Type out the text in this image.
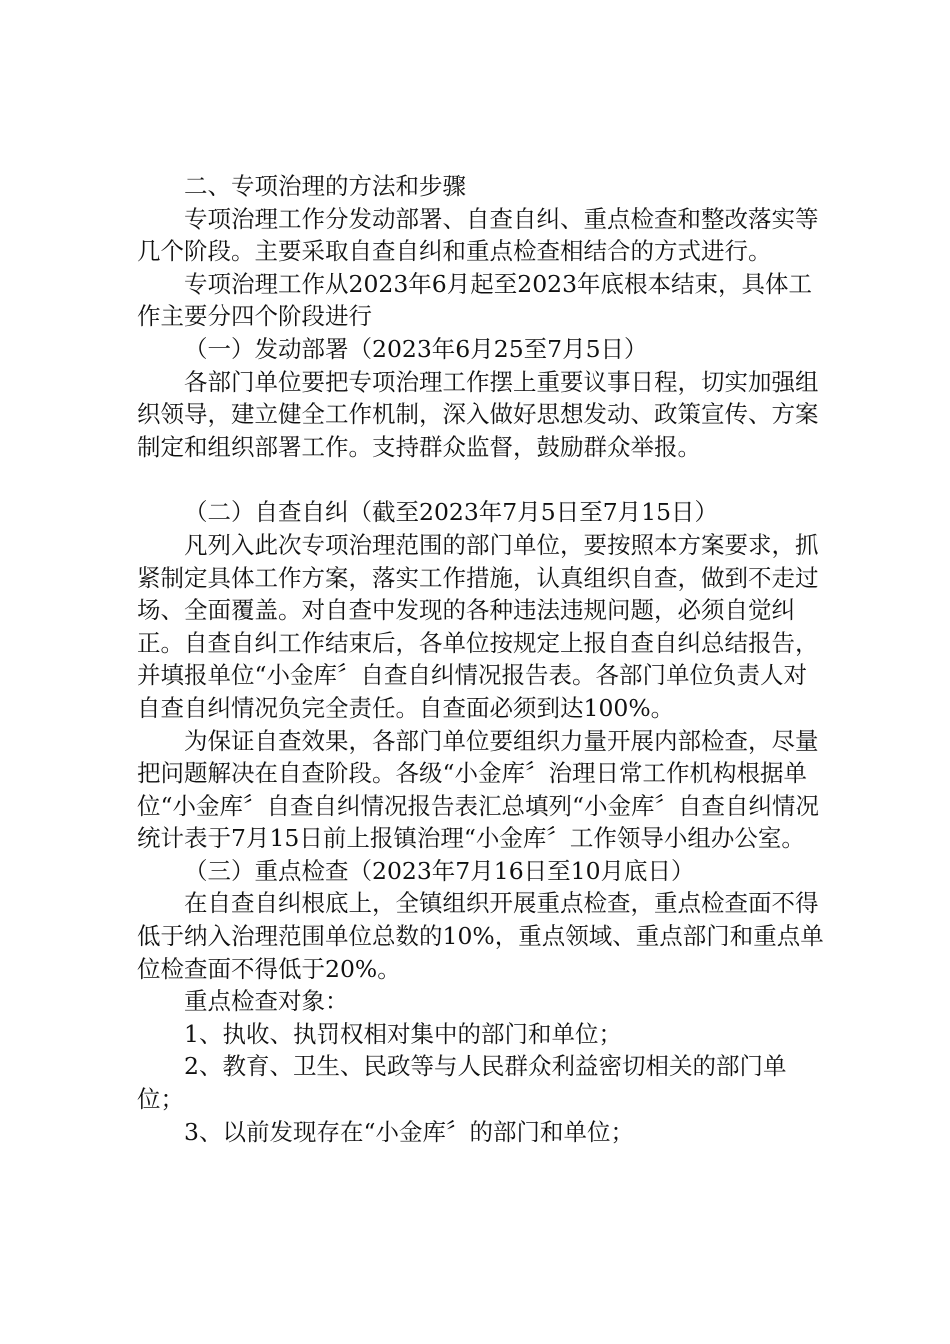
二、专项治理的方法和步骤

专项治理工作分发动部署、自查自纠、重点检查和整改落实等几个阶段。主要采取自查自纠和重点检查相结合的方式进行。

专项治理工作从2023年6月起至2023年底根本结束，具体工作主要分四个阶段进行

（一）发动部署（2023年6月25至7月5日）

各部门单位要把专项治理工作摆上重要议事日程，切实加强组织领导，建立健全工作机制，深入做好思想发动、政策宣传、方案制定和组织部署工作。支持群众监督，鼓励群众举报。

（二）自查自纠（截至2023年7月5日至7月15日）

凡列入此次专项治理范围的部门单位，要按照本方案要求，抓紧制定具体工作方案，落实工作措施，认真组织自查，做到不走过场、全面覆盖。对自查中发现的各种违法违规问题，必须自觉纠正。自查自纠工作结束后，各单位按规定上报自查自纠总结报告，并填报单位“小金库〞自查自纠情况报告表。各部门单位负责人对自查自纠情况负完全责任。自查面必须到达100%。

为保证自查效果，各部门单位要组织力量开展内部检查，尽量把问题解决在自查阶段。各级“小金库〞治理日常工作机构根据单位“小金库〞自查自纠情况报告表汇总填列“小金库〞自查自纠情况统计表于7月15日前上报镇治理“小金库〞工作领导小组办公室。

（三）重点检查（2023年7月16日至10月底日）

在自查自纠根底上，全镇组织开展重点检查，重点检查面不得低于纳入治理范围单位总数的10%，重点领域、重点部门和重点单位检查面不得低于20%。

重点检查对象：

1、执收、执罚权相对集中的部门和单位；

2、教育、卫生、民政等与人民群众利益密切相关的部门单位；

3、以前发现存在“小金库〞的部门和单位；
